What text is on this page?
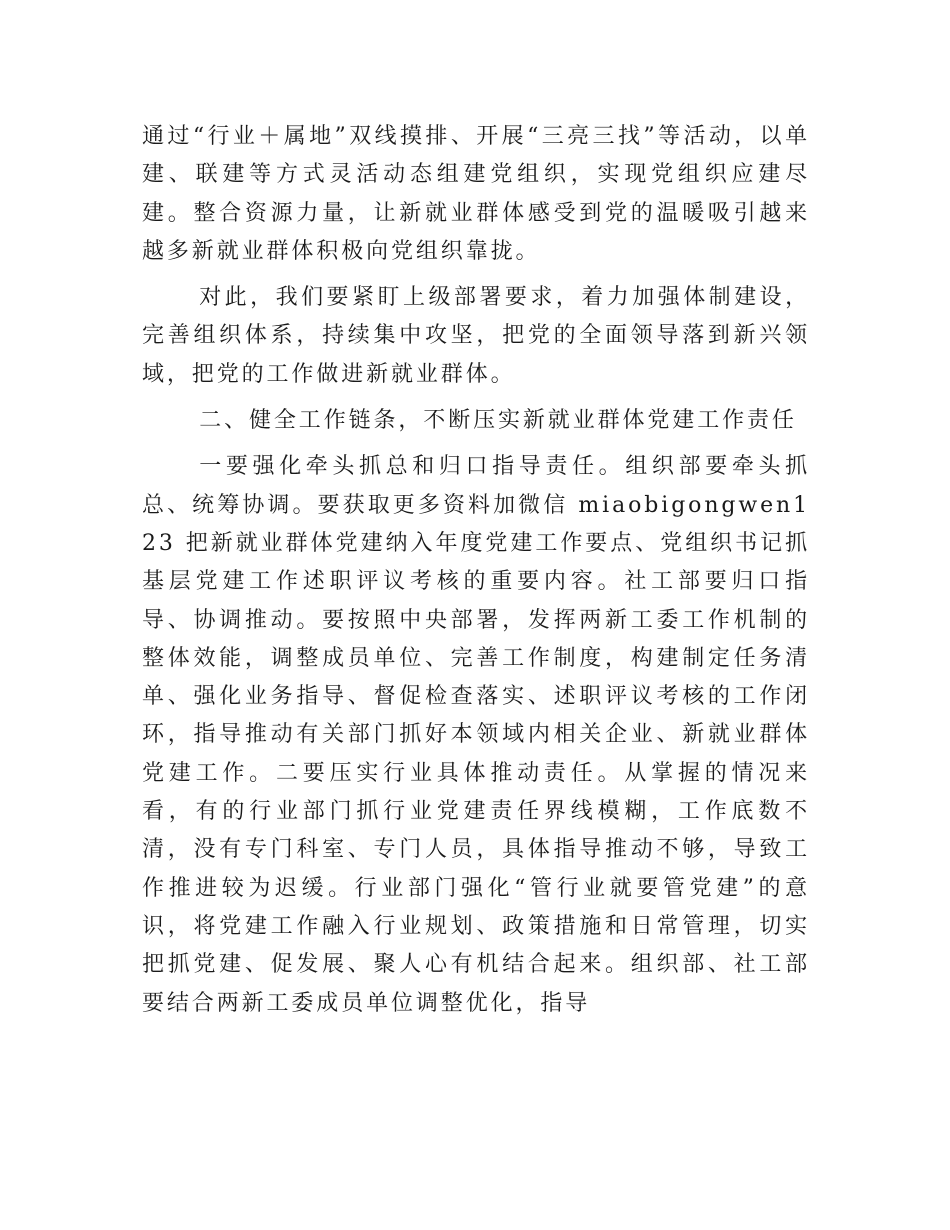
通过“行业＋属地”双线摸排、开展“三亮三找”等活动，以单建、联建等方式灵活动态组建党组织，实现党组织应建尽建。整合资源力量，让新就业群体感受到党的温暖吸引越来越多新就业群体积极向党组织靠拢。

对此，我们要紧盯上级部署要求，着力加强体制建设，完善组织体系，持续集中攻坚，把党的全面领导落到新兴领域，把党的工作做进新就业群体。

二、健全工作链条，不断压实新就业群体党建工作责任

一要强化牵头抓总和归口指导责任。组织部要牵头抓总、统筹协调。要获取更多资料加微信 miaobigongwen123 把新就业群体党建纳入年度党建工作要点、党组织书记抓基层党建工作述职评议考核的重要内容。社工部要归口指导、协调推动。要按照中央部署，发挥两新工委工作机制的整体效能，调整成员单位、完善工作制度，构建制定任务清单、强化业务指导、督促检查落实、述职评议考核的工作闭环，指导推动有关部门抓好本领域内相关企业、新就业群体党建工作。二要压实行业具体推动责任。从掌握的情况来看，有的行业部门抓行业党建责任界线模糊，工作底数不清，没有专门科室、专门人员，具体指导推动不够，导致工作推进较为迟缓。行业部门强化“管行业就要管党建”的意识，将党建工作融入行业规划、政策措施和日常管理，切实把抓党建、促发展、聚人心有机结合起来。组织部、社工部要结合两新工委成员单位调整优化，指导
